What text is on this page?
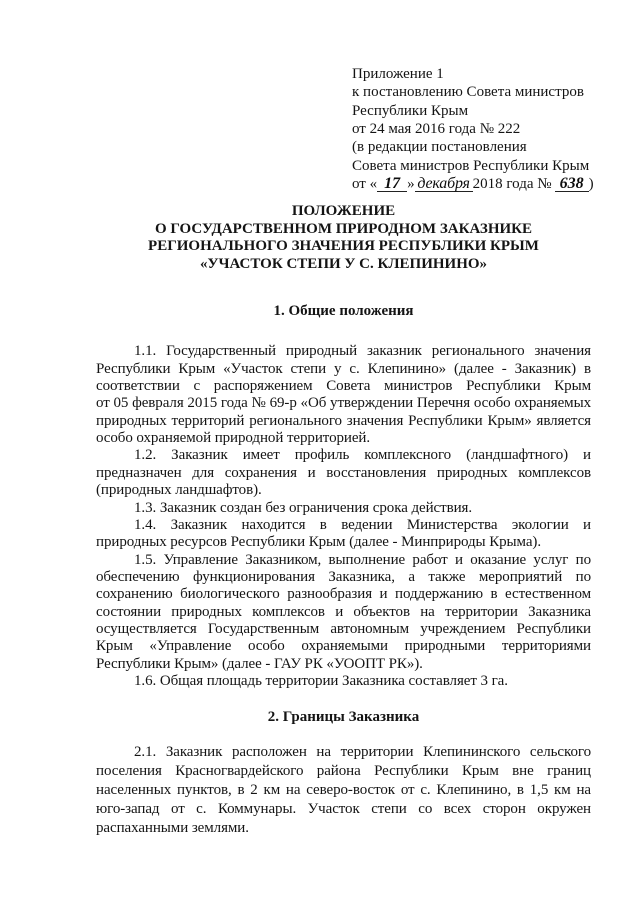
Приложение 1
к постановлению Совета министров
Республики Крым
от 24 мая 2016 года № 222
(в редакции постановления
Совета министров Республики Крым
от « 17 » декабря 2018 года № 638 )
ПОЛОЖЕНИЕ
О ГОСУДАРСТВЕННОМ ПРИРОДНОМ ЗАКАЗНИКЕ
РЕГИОНАЛЬНОГО ЗНАЧЕНИЯ РЕСПУБЛИКИ КРЫМ
«УЧАСТОК СТЕПИ У С. КЛЕПИНИНО»
1. Общие положения
1.1. Государственный природный заказник регионального значения
Республики Крым «Участок степи у с. Клепинино» (далее - Заказник) в
соответствии с распоряжением Совета министров Республики Крым
от 05 февраля 2015 года № 69-р «Об утверждении Перечня особо охраняемых
природных территорий регионального значения Республики Крым» является
особо охраняемой природной территорией.
1.2. Заказник имеет профиль комплексного (ландшафтного) и
предназначен для сохранения и восстановления природных комплексов
(природных ландшафтов).
1.3. Заказник создан без ограничения срока действия.
1.4. Заказник находится в ведении Министерства экологии и
природных ресурсов Республики Крым (далее - Минприроды Крыма).
1.5. Управление Заказником, выполнение работ и оказание услуг по
обеспечению функционирования Заказника, а также мероприятий по
сохранению биологического разнообразия и поддержанию в естественном
состоянии природных комплексов и объектов на территории Заказника
осуществляется Государственным автономным учреждением Республики
Крым «Управление особо охраняемыми природными территориями
Республики Крым» (далее - ГАУ РК «УООПТ РК»).
1.6. Общая площадь территории Заказника составляет 3 га.
2. Границы Заказника
2.1. Заказник расположен на территории Клепининского сельского
поселения Красногвардейского района Республики Крым вне границ
населенных пунктов, в 2 км на северо-восток от с. Клепинино, в 1,5 км на
юго-запад от с. Коммунары. Участок степи со всех сторон окружен
распаханными землями.
